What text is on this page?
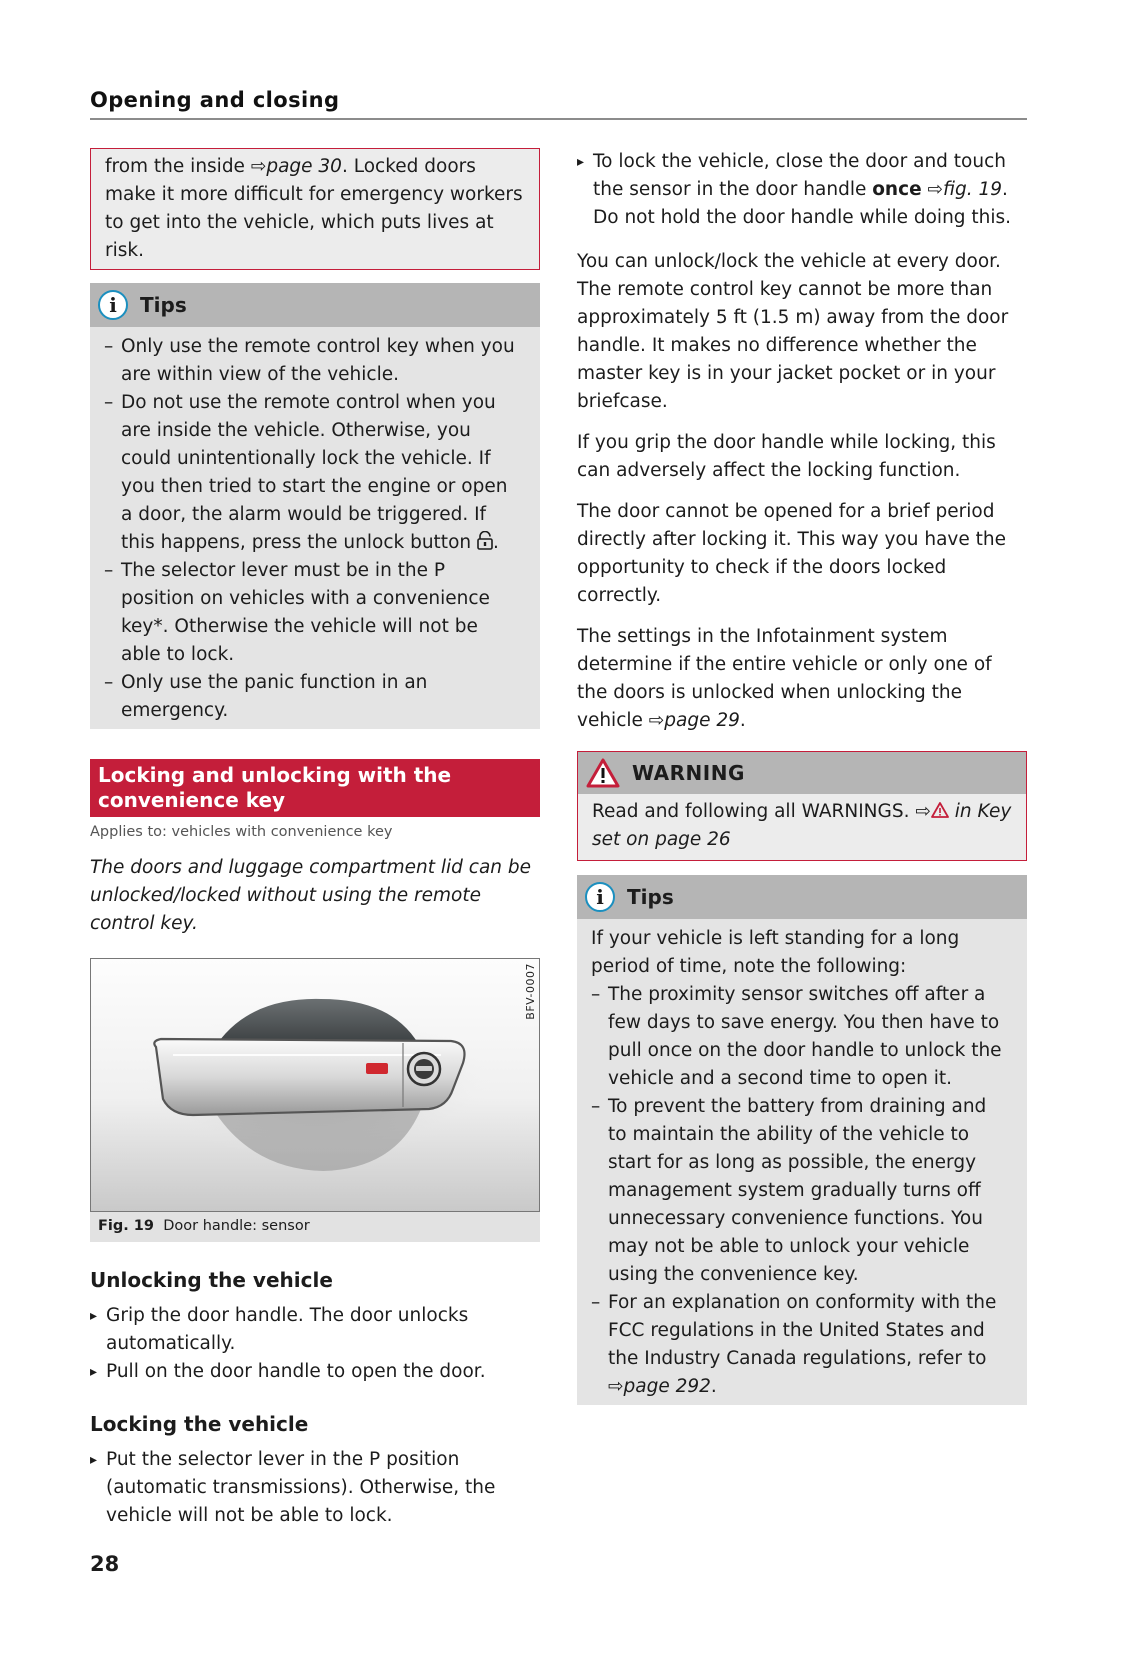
Opening and closing

from the inside ⇨page 30. Locked doors make it more difficult for emergency workers to get into the vehicle, which puts lives at risk.

i	Tips
– Only use the remote control key when you are within view of the vehicle.
– Do not use the remote control when you are inside the vehicle. Otherwise, you could unintentionally lock the vehicle. If you then tried to start the engine or open a door, the alarm would be triggered. If this happens, press the unlock button .
– The selector lever must be in the P position on vehicles with a convenience key*. Otherwise the vehicle will not be able to lock.
– Only use the panic function in an emergency.
Locking and unlocking with the convenience key
Applies to: vehicles with convenience key
The doors and luggage compartment lid can be unlocked/locked without using the remote control key.
BFV-0007
Fig. 19 Door handle: sensor
Unlocking the vehicle
▸ Grip the door handle. The door unlocks automatically.
▸ Pull on the door handle to open the door.
Locking the vehicle
▸ Put the selector lever in the P position (automatic transmissions). Otherwise, the vehicle will not be able to lock.
▸ To lock the vehicle, close the door and touch the sensor in the door handle once ⇨fig. 19. Do not hold the door handle while doing this.

You can unlock/lock the vehicle at every door. The remote control key cannot be more than approximately 5 ft (1.5 m) away from the door handle. It makes no difference whether the master key is in your jacket pocket or in your briefcase.

If you grip the door handle while locking, this can adversely affect the locking function.

The door cannot be opened for a brief period directly after locking it. This way you have the opportunity to check if the doors locked correctly.

The settings in the Infotainment system determine if the entire vehicle or only one of the doors is unlocked when unlocking the vehicle ⇨page 29.

WARNING
Read and following all WARNINGS. ⇨ in Key set on page 26
i	Tips
If your vehicle is left standing for a long period of time, note the following:
– The proximity sensor switches off after a few days to save energy. You then have to pull once on the door handle to unlock the vehicle and a second time to open it.
– To prevent the battery from draining and to maintain the ability of the vehicle to start for as long as possible, the energy management system gradually turns off unnecessary convenience functions. You may not be able to unlock your vehicle using the convenience key.
– For an explanation on conformity with the FCC regulations in the United States and the Industry Canada regulations, refer to ⇨page 292.
28
